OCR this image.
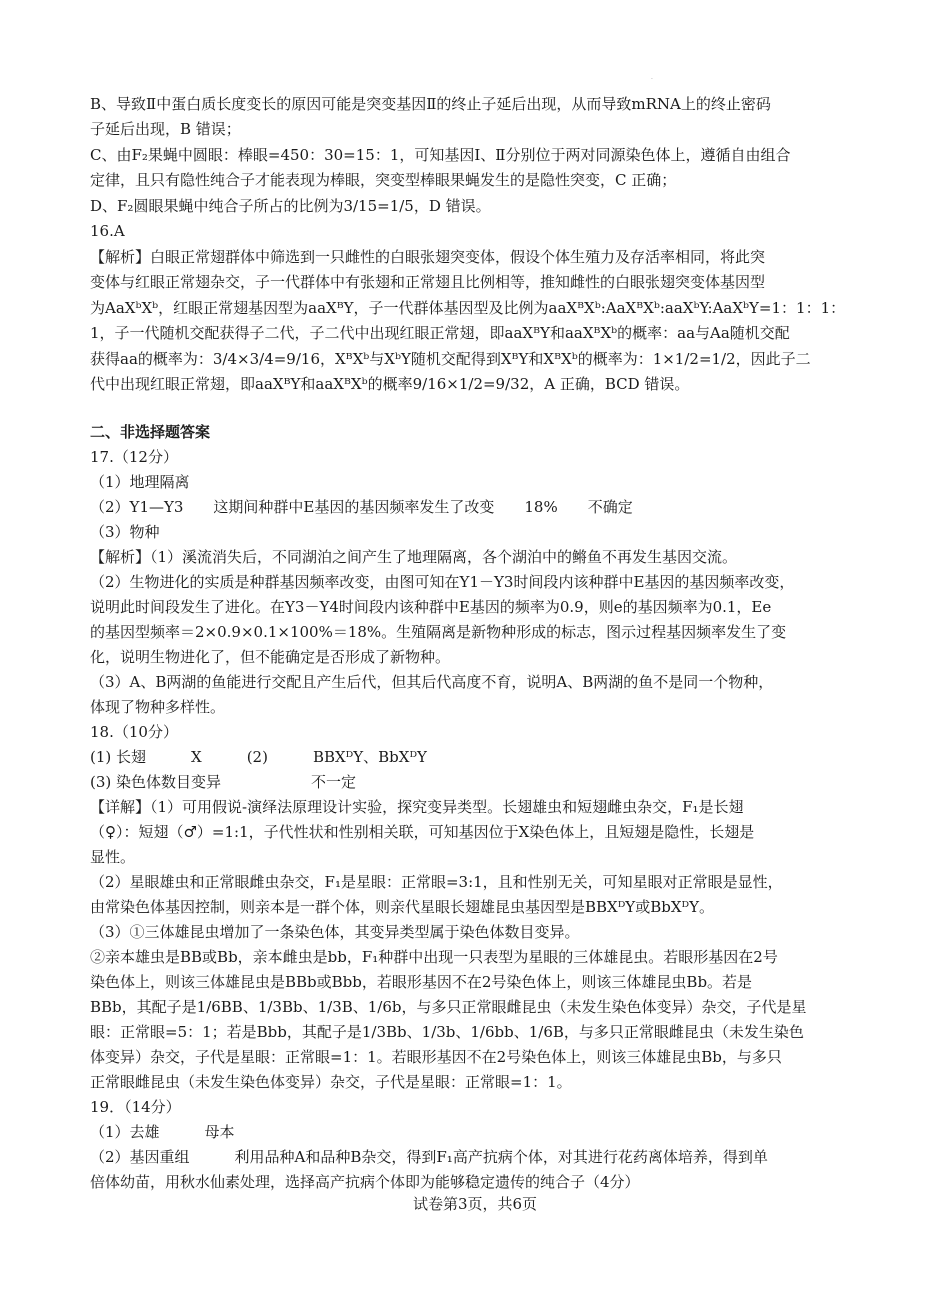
·
B、导致Ⅱ中蛋白质长度变长的原因可能是突变基因Ⅱ的终止子延后出现，从而导致mRNA上的终止密码
子延后出现，B 错误；
C、由F₂果蝇中圆眼：棒眼=450：30=15：1，可知基因Ⅰ、Ⅱ分别位于两对同源染色体上，遵循自由组合
定律，且只有隐性纯合子才能表现为棒眼，突变型棒眼果蝇发生的是隐性突变，C 正确；
D、F₂圆眼果蝇中纯合子所占的比例为3/15=1/5，D 错误。
16.A
【解析】白眼正常翅群体中筛选到一只雌性的白眼张翅突变体，假设个体生殖力及存活率相同，将此突
变体与红眼正常翅杂交，子一代群体中有张翅和正常翅且比例相等，推知雌性的白眼张翅突变体基因型
为AaXᵇXᵇ，红眼正常翅基因型为aaXᴮY，子一代群体基因型及比例为aaXᴮXᵇ:AaXᴮXᵇ:aaXᵇY:AaXᵇY=1：1：1：
1，子一代随机交配获得子二代，子二代中出现红眼正常翅，即aaXᴮY和aaXᴮXᵇ的概率：aa与Aa随机交配
获得aa的概率为：3/4×3/4=9/16，XᴮXᵇ与XᵇY随机交配得到XᴮY和XᴮXᵇ的概率为：1×1/2=1/2，因此子二
代中出现红眼正常翅，即aaXᴮY和aaXᴮXᵇ的概率9/16×1/2=9/32，A 正确，BCD 错误。
二、非选择题答案
17.（12分）
（1）地理隔离
（2）Y1—Y3　　这期间种群中E基因的基因频率发生了改变　　18%　　不确定
（3）物种
【解析】（1）溪流消失后，不同湖泊之间产生了地理隔离，各个湖泊中的鳉鱼不再发生基因交流。
（2）生物进化的实质是种群基因频率改变，由图可知在Y1－Y3时间段内该种群中E基因的基因频率改变，
说明此时间段发生了进化。在Y3－Y4时间段内该种群中E基因的频率为0.9，则e的基因频率为0.1，Ee
的基因型频率＝2×0.9×0.1×100%＝18%。生殖隔离是新物种形成的标志，图示过程基因频率发生了变
化，说明生物进化了，但不能确定是否形成了新物种。
（3）A、B两湖的鱼能进行交配且产生后代，但其后代高度不育，说明A、B两湖的鱼不是同一个物种，
体现了物种多样性。
18.（10分）
(1) 长翅　　　X　　　(2)　　　BBXᴰY、BbXᴰY
(3) 染色体数目变异　　　　　　不一定
【详解】（1）可用假说-演绎法原理设计实验，探究变异类型。长翅雄虫和短翅雌虫杂交，F₁是长翅
（♀）：短翅（♂）=1:1，子代性状和性别相关联，可知基因位于X染色体上，且短翅是隐性，长翅是
显性。
（2）星眼雄虫和正常眼雌虫杂交，F₁是星眼：正常眼=3:1，且和性别无关，可知星眼对正常眼是显性，
由常染色体基因控制，则亲本是一群个体，则亲代星眼长翅雄昆虫基因型是BBXᴰY或BbXᴰY。
（3）①三体雄昆虫增加了一条染色体，其变异类型属于染色体数目变异。
②亲本雄虫是BB或Bb，亲本雌虫是bb，F₁种群中出现一只表型为星眼的三体雄昆虫。若眼形基因在2号
染色体上，则该三体雄昆虫是BBb或Bbb，若眼形基因不在2号染色体上，则该三体雄昆虫Bb。若是
BBb，其配子是1/6BB、1/3Bb、1/3B、1/6b，与多只正常眼雌昆虫（未发生染色体变异）杂交，子代是星
眼：正常眼=5：1；若是Bbb，其配子是1/3Bb、1/3b、1/6bb、1/6B，与多只正常眼雌昆虫（未发生染色
体变异）杂交，子代是星眼：正常眼=1：1。若眼形基因不在2号染色体上，则该三体雄昆虫Bb，与多只
正常眼雌昆虫（未发生染色体变异）杂交，子代是星眼：正常眼=1：1。
19．（14分）
（1）去雄　　　母本
（2）基因重组　　　利用品种A和品种B杂交，得到F₁高产抗病个体，对其进行花药离体培养，得到单
倍体幼苗，用秋水仙素处理，选择高产抗病个体即为能够稳定遗传的纯合子（4分）
试卷第3页，共6页
